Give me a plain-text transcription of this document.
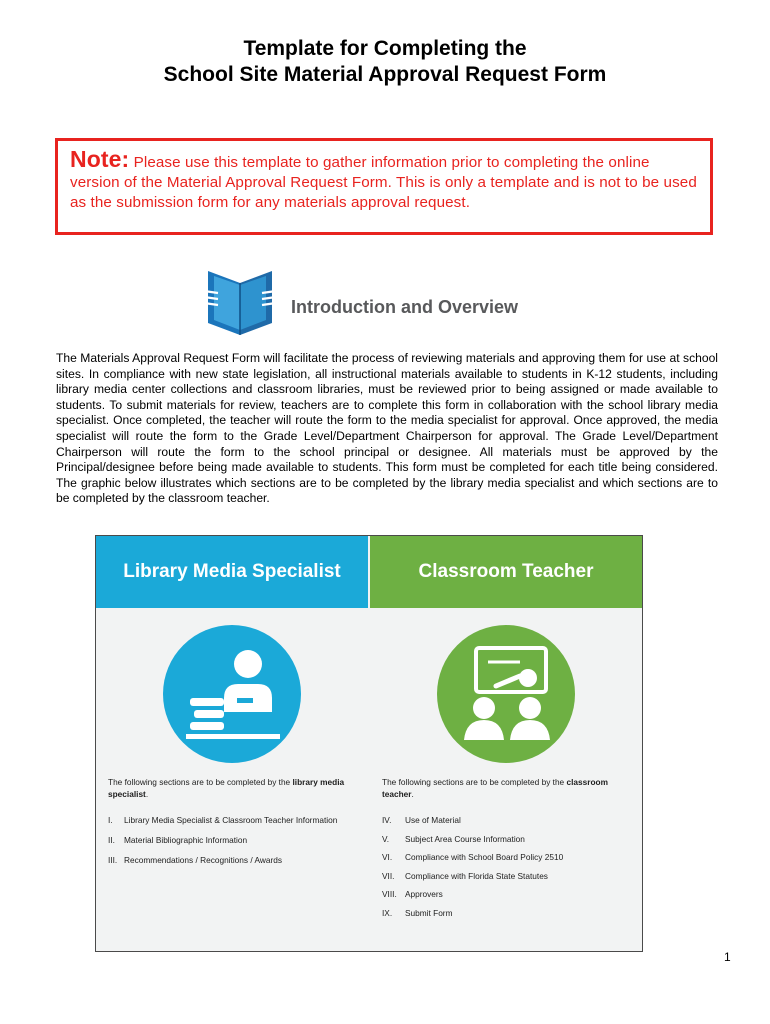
Template for Completing the
School Site Material Approval Request Form
Note: Please use this template to gather information prior to completing the online version of the Material Approval Request Form. This is only a template and is not to be used as the submission form for any materials approval request.
Introduction and Overview
The Materials Approval Request Form will facilitate the process of reviewing materials and approving them for use at school sites. In compliance with new state legislation, all instructional materials available to students in K-12 students, including library media center collections and classroom libraries, must be reviewed prior to being assigned or made available to students. To submit materials for review, teachers are to complete this form in collaboration with the school library media specialist. Once completed, the teacher will route the form to the media specialist for approval. Once approved, the media specialist will route the form to the Grade Level/Department Chairperson for approval. The Grade Level/Department Chairperson will route the form to the school principal or designee. All materials must be approved by the Principal/designee before being made available to students. This form must be completed for each title being considered. The graphic below illustrates which sections are to be completed by the library media specialist and which sections are to be completed by the classroom teacher.
Library Media Specialist
The following sections are to be completed by the library media specialist.
I.	Library Media Specialist & Classroom Teacher Information
II.	Material Bibliographic Information
III. Recommendations / Recognitions / Awards
Classroom Teacher
The following sections are to be completed by the classroom teacher.
IV.	Use of Material
V.	Subject Area Course Information
VI.	Compliance with School Board Policy 2510
VII.	Compliance with Florida State Statutes
VIII. Approvers
IX.	Submit Form
1
